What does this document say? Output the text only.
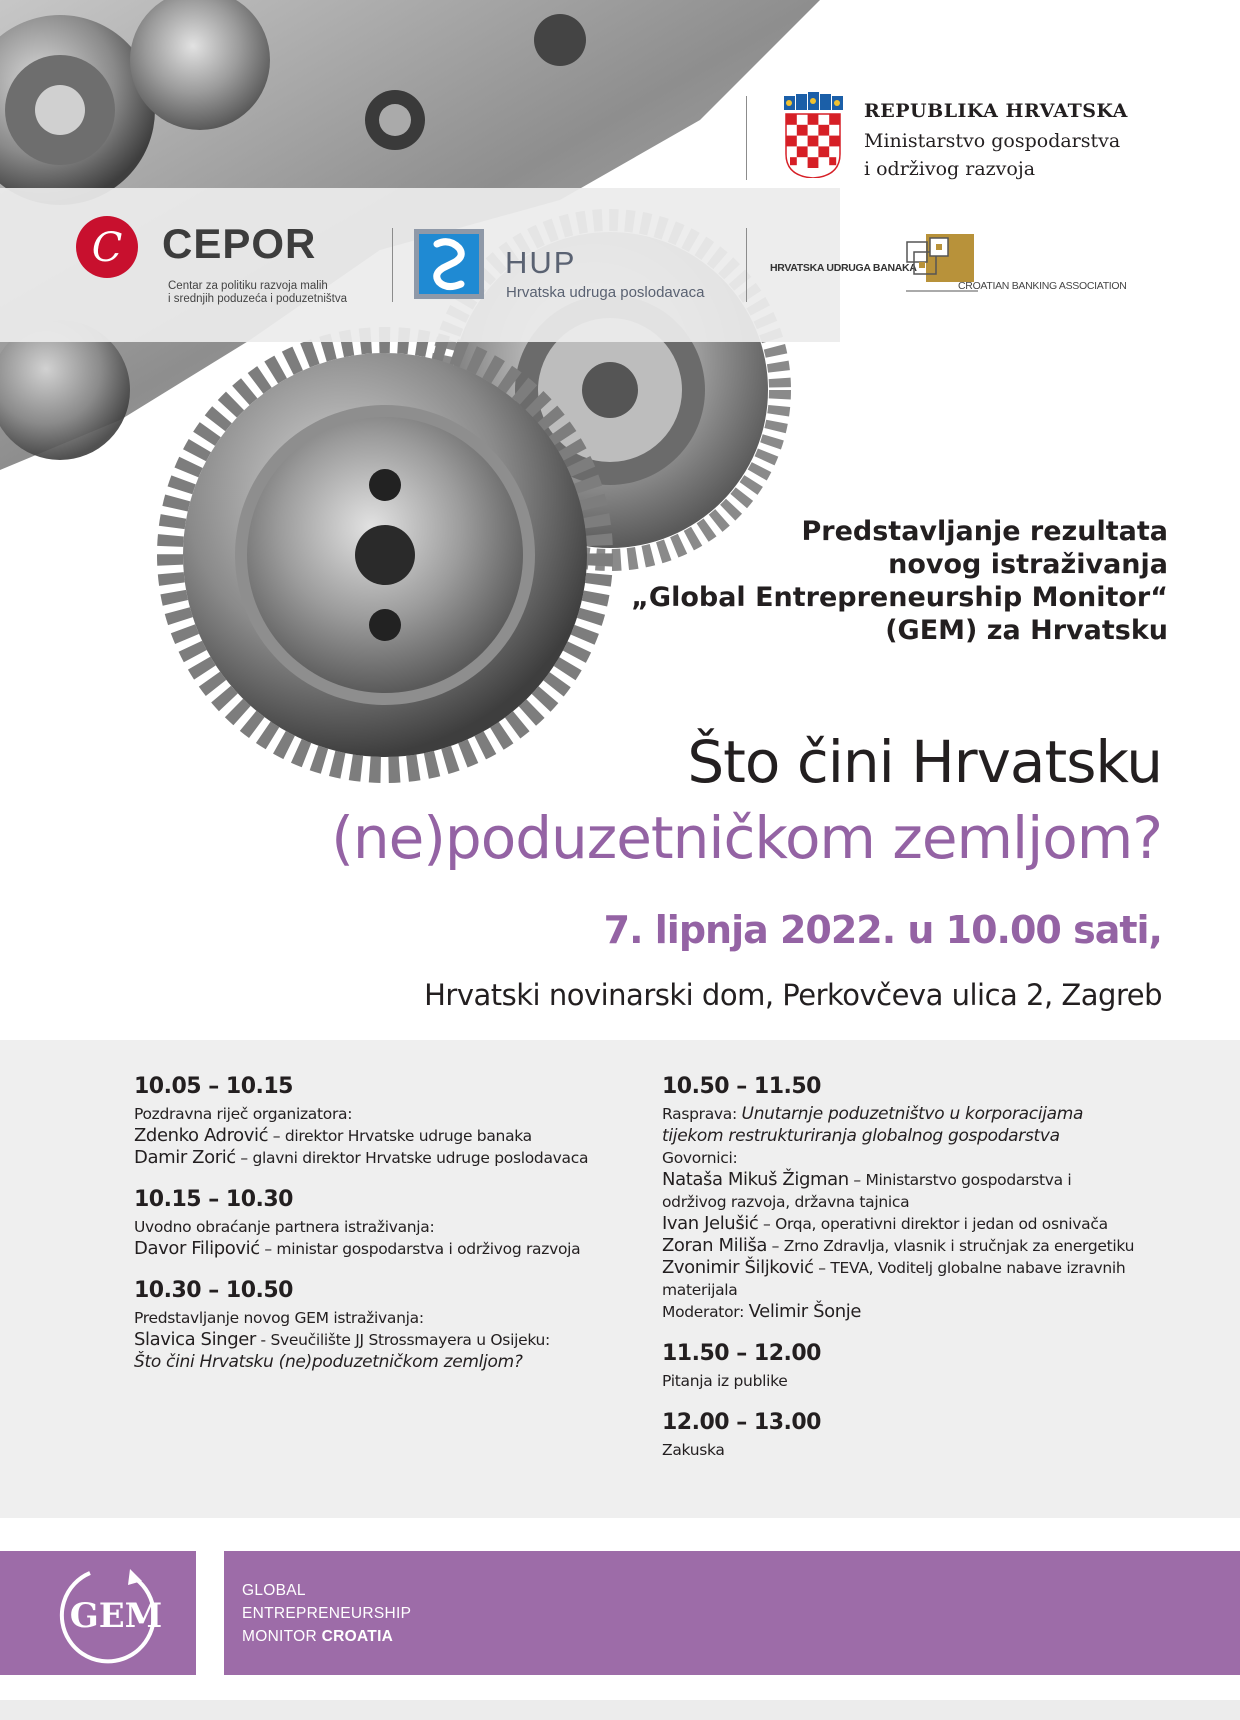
REPUBLIKA HRVATSKA
Ministarstvo gospodarstva
i održivog razvoja
C CEPOR
Centar za politiku razvoja malih
i srednjih poduzeća i poduzetništva
HUP
Hrvatska udruga poslodavaca
HRVATSKA UDRUGA BANAKA
CROATIAN BANKING ASSOCIATION
Predstavljanje rezultata
novog istraživanja
„Global Entrepreneurship Monitor“
(GEM) za Hrvatsku
Što čini Hrvatsku
(ne)poduzetničkom zemljom?
7. lipnja 2022. u 10.00 sati,
Hrvatski novinarski dom, Perkovčeva ulica 2, Zagreb
10.05 – 10.15
Pozdravna riječ organizatora:
Zdenko Adrović – direktor Hrvatske udruge banaka
Damir Zorić – glavni direktor Hrvatske udruge poslodavaca
10.15 – 10.30
Uvodno obraćanje partnera istraživanja:
Davor Filipović – ministar gospodarstva i održivog razvoja
10.30 – 10.50
Predstavljanje novog GEM istraživanja:
Slavica Singer - Sveučilište JJ Strossmayera u Osijeku:
Što čini Hrvatsku (ne)poduzetničkom zemljom?
10.50 – 11.50
Rasprava: Unutarnje poduzetništvo u korporacijama
tijekom restrukturiranja globalnog gospodarstva
Govornici:
Nataša Mikuš Žigman – Ministarstvo gospodarstva i
održivog razvoja, državna tajnica
Ivan Jelušić – Orqa, operativni direktor i jedan od osnivača
Zoran Miliša – Zrno Zdravlja, vlasnik i stručnjak za energetiku
Zvonimir Šiljković – TEVA, Voditelj globalne nabave izravnih
materijala
Moderator: Velimir Šonje
11.50 – 12.00
Pitanja iz publike
12.00 – 13.00
Zakuska
GEM
GLOBAL
ENTREPRENEURSHIP
MONITOR CROATIA
